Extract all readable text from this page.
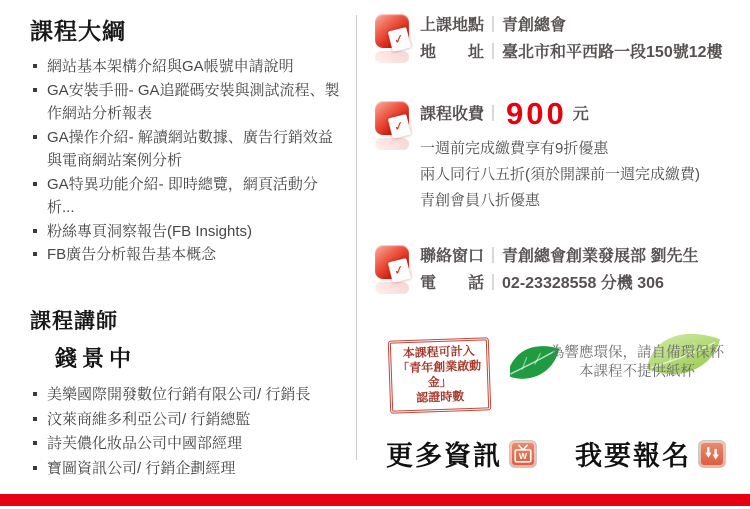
課程大綱
網站基本架構介紹與GA帳號申請說明
GA安裝手冊- GA追蹤碼安裝與測試流程、製作網站分析報表
GA操作介紹- 解讀網站數據、廣告行銷效益與電商網站案例分析
GA特異功能介紹- 即時總覽，網頁活動分析...
粉絲專頁洞察報告(FB Insights)
FB廣告分析報告基本概念
課程講師
錢景中
美樂國際開發數位行銷有限公司/ 行銷長
汶萊商維多利亞公司/ 行銷總監
詩芙儂化妝品公司中國部經理
寶圖資訊公司/ 行銷企劃經理
✓
上課地點｜青創總會
地　　址｜臺北市和平西路一段150號12樓
✓
課程收費 ｜ 900 元
一週前完成繳費享有9折優惠
兩人同行八五折(須於開課前一週完成繳費)
青創會員八折優惠
✓
聯絡窗口｜青創總會創業發展部 劉先生
電　　話｜02-23328558 分機 306
本課程可計入
「青年創業啟動金」
認證時數
為響應環保，請自備環保杯
本課程不提供紙杯
更多資訊 W 我要報名
